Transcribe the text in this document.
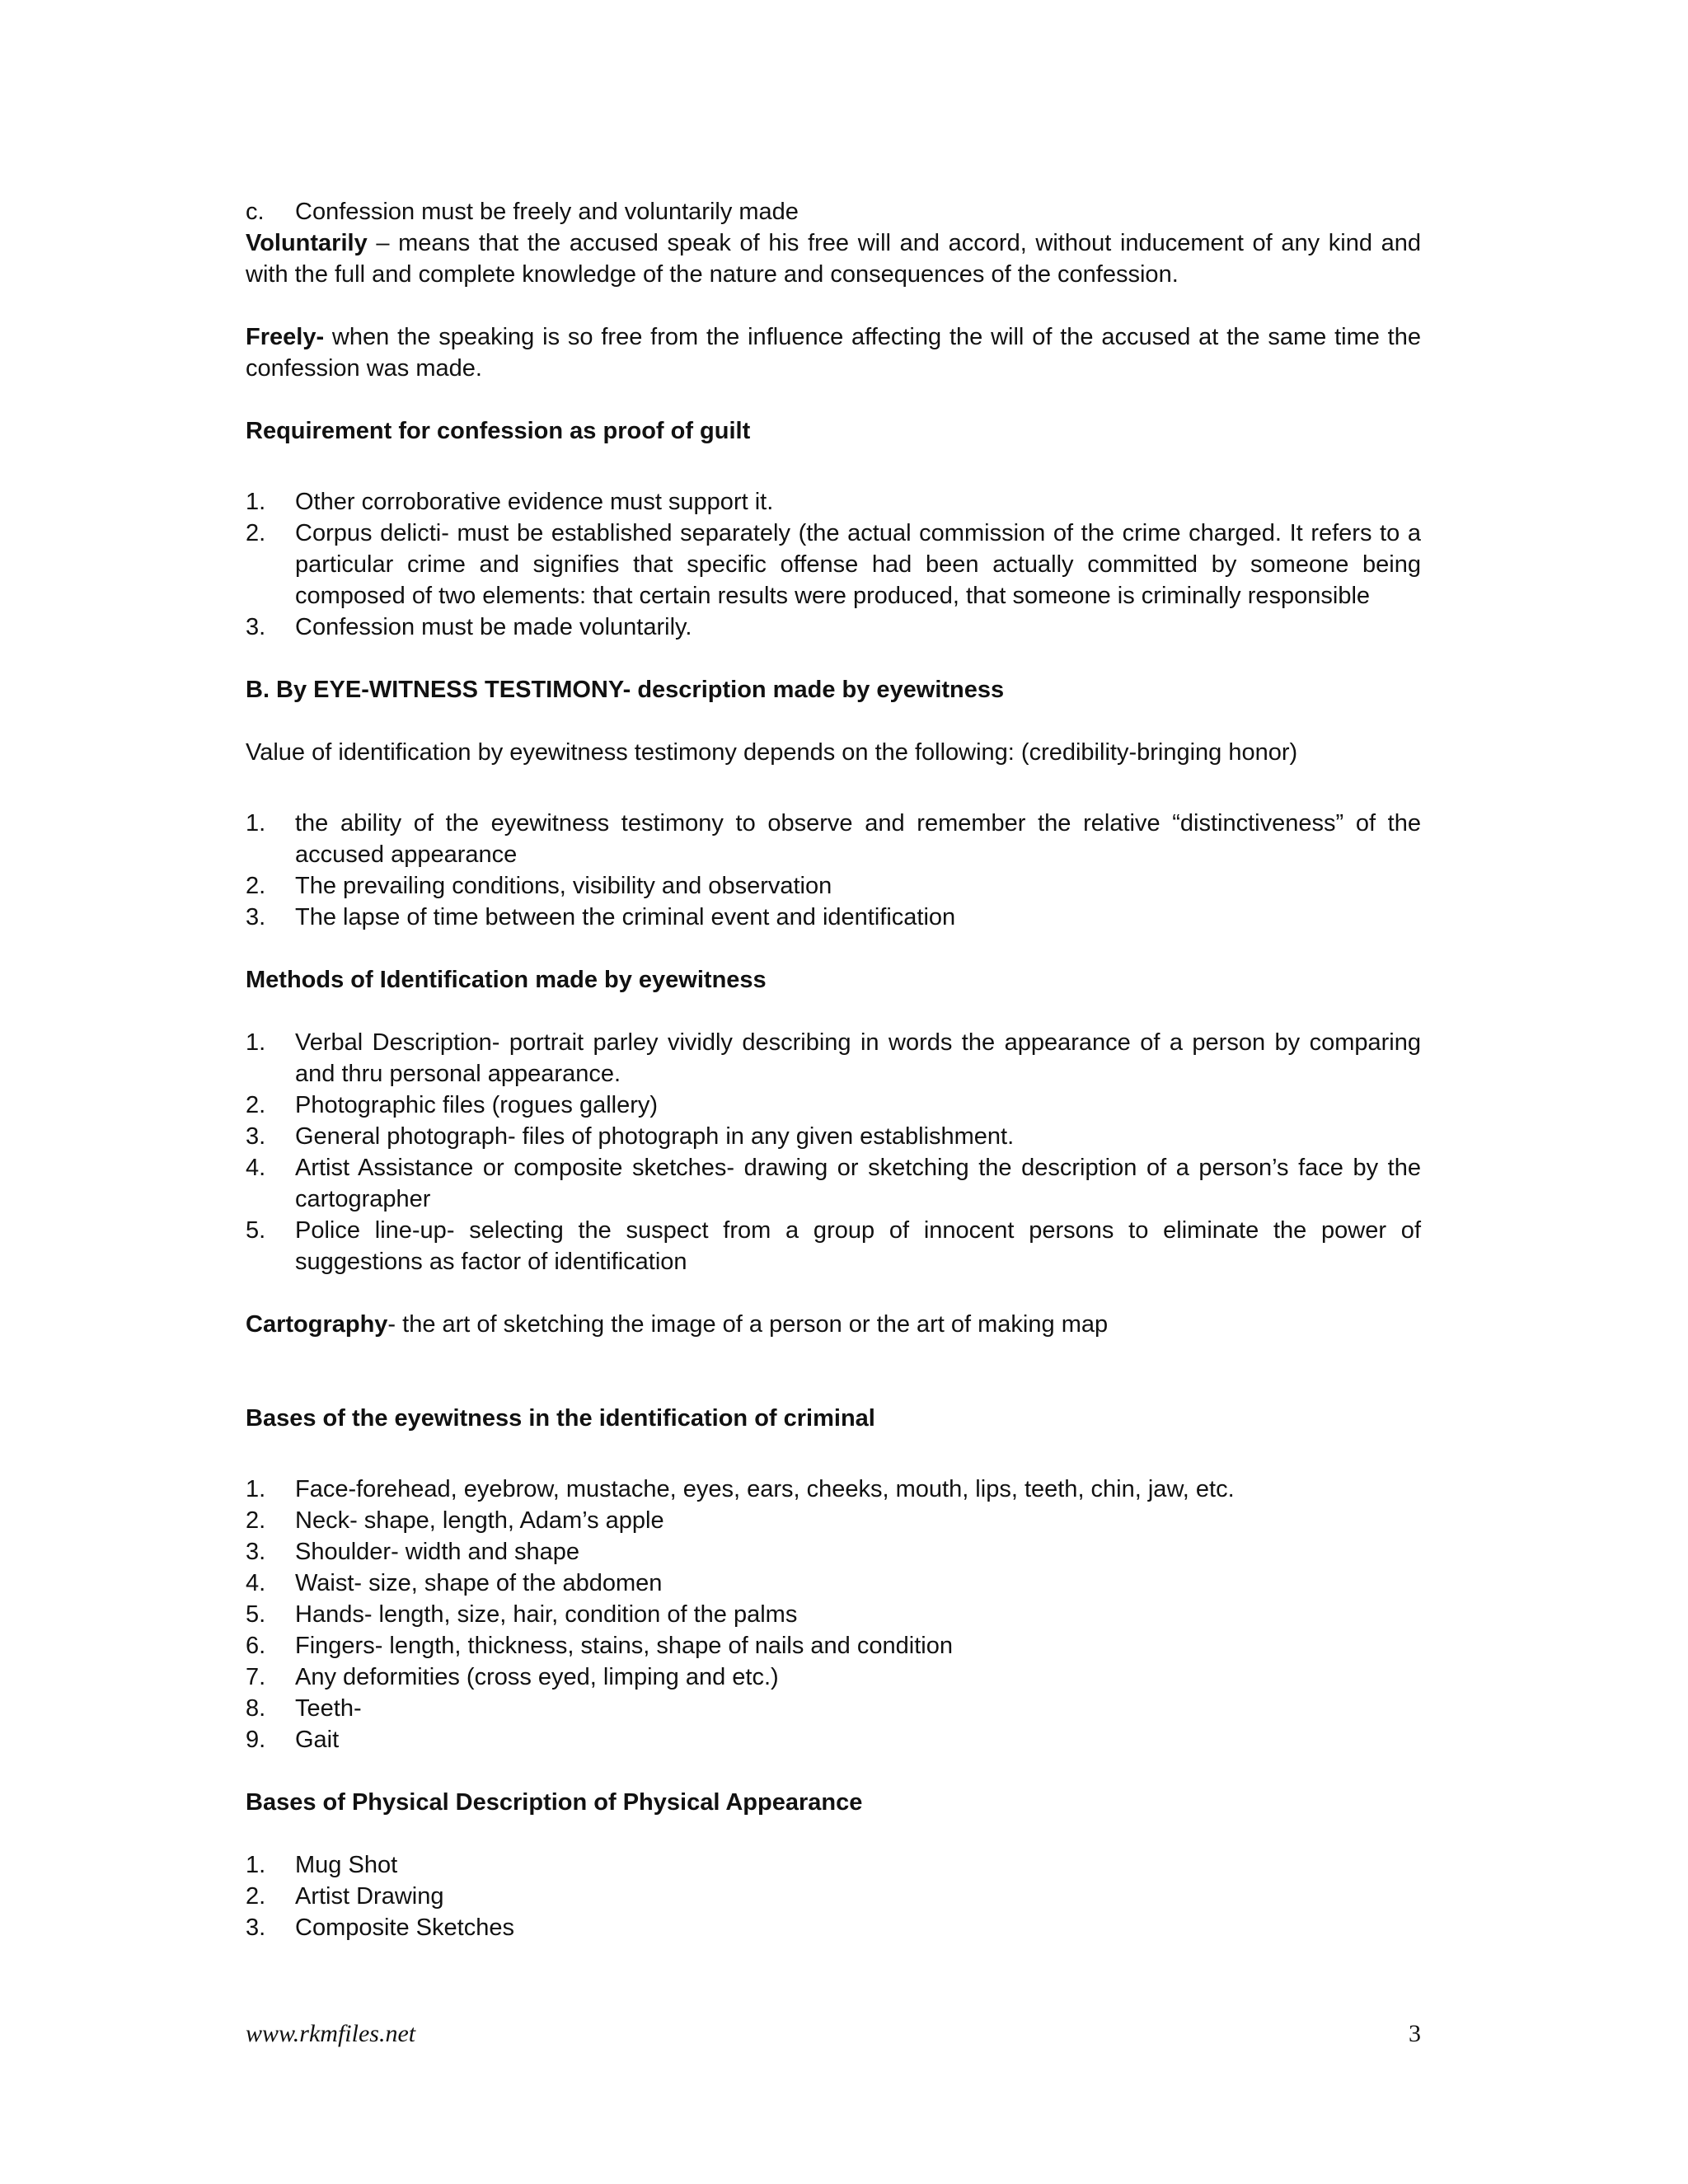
c.	Confession must be freely and voluntarily made

Voluntarily – means that the accused speak of his free will and accord, without inducement of any kind and with the full and complete knowledge of the nature and consequences of the confession.

Freely- when the speaking is so free from the influence affecting the will of the accused at the same time the confession was made.

Requirement for confession as proof of guilt

1.	Other corroborative evidence must support it.
2.	Corpus delicti- must be established separately (the actual commission of the crime charged. It refers to a particular crime and signifies that specific offense had been actually committed by someone being composed of two elements: that certain results were produced, that someone is criminally responsible
3.	Confession must be made voluntarily.

B. By EYE-WITNESS TESTIMONY- description made by eyewitness

Value of identification by eyewitness testimony depends on the following: (credibility-bringing honor)

1.	the ability of the eyewitness testimony to observe and remember the relative “distinctiveness” of the accused appearance
2.	The prevailing conditions, visibility and observation
3.	The lapse of time between the criminal event and identification

Methods of Identification made by eyewitness

1.	Verbal Description- portrait parley vividly describing in words the appearance of a person by comparing and thru personal appearance.
2.	Photographic files (rogues gallery)
3.	General photograph- files of photograph in any given establishment.
4.	Artist Assistance or composite sketches- drawing or sketching the description of a person’s face by the cartographer
5.	Police line-up- selecting the suspect from a group of innocent persons to eliminate the power of suggestions as factor of identification

Cartography- the art of sketching the image of a person or the art of making map

Bases of the eyewitness in the identification of criminal

1.	Face-forehead, eyebrow, mustache, eyes, ears, cheeks, mouth, lips, teeth, chin, jaw, etc.
2.	Neck- shape, length, Adam’s apple
3.	Shoulder- width and shape
4.	Waist- size, shape of the abdomen
5.	Hands- length, size, hair, condition of the palms
6.	Fingers- length, thickness, stains, shape of nails and condition
7.	Any deformities (cross eyed, limping and etc.)
8.	Teeth-
9.	Gait

Bases of Physical Description of Physical Appearance

1.	Mug Shot
2.	Artist Drawing
3.	Composite Sketches
www.rkmfiles.net	3
